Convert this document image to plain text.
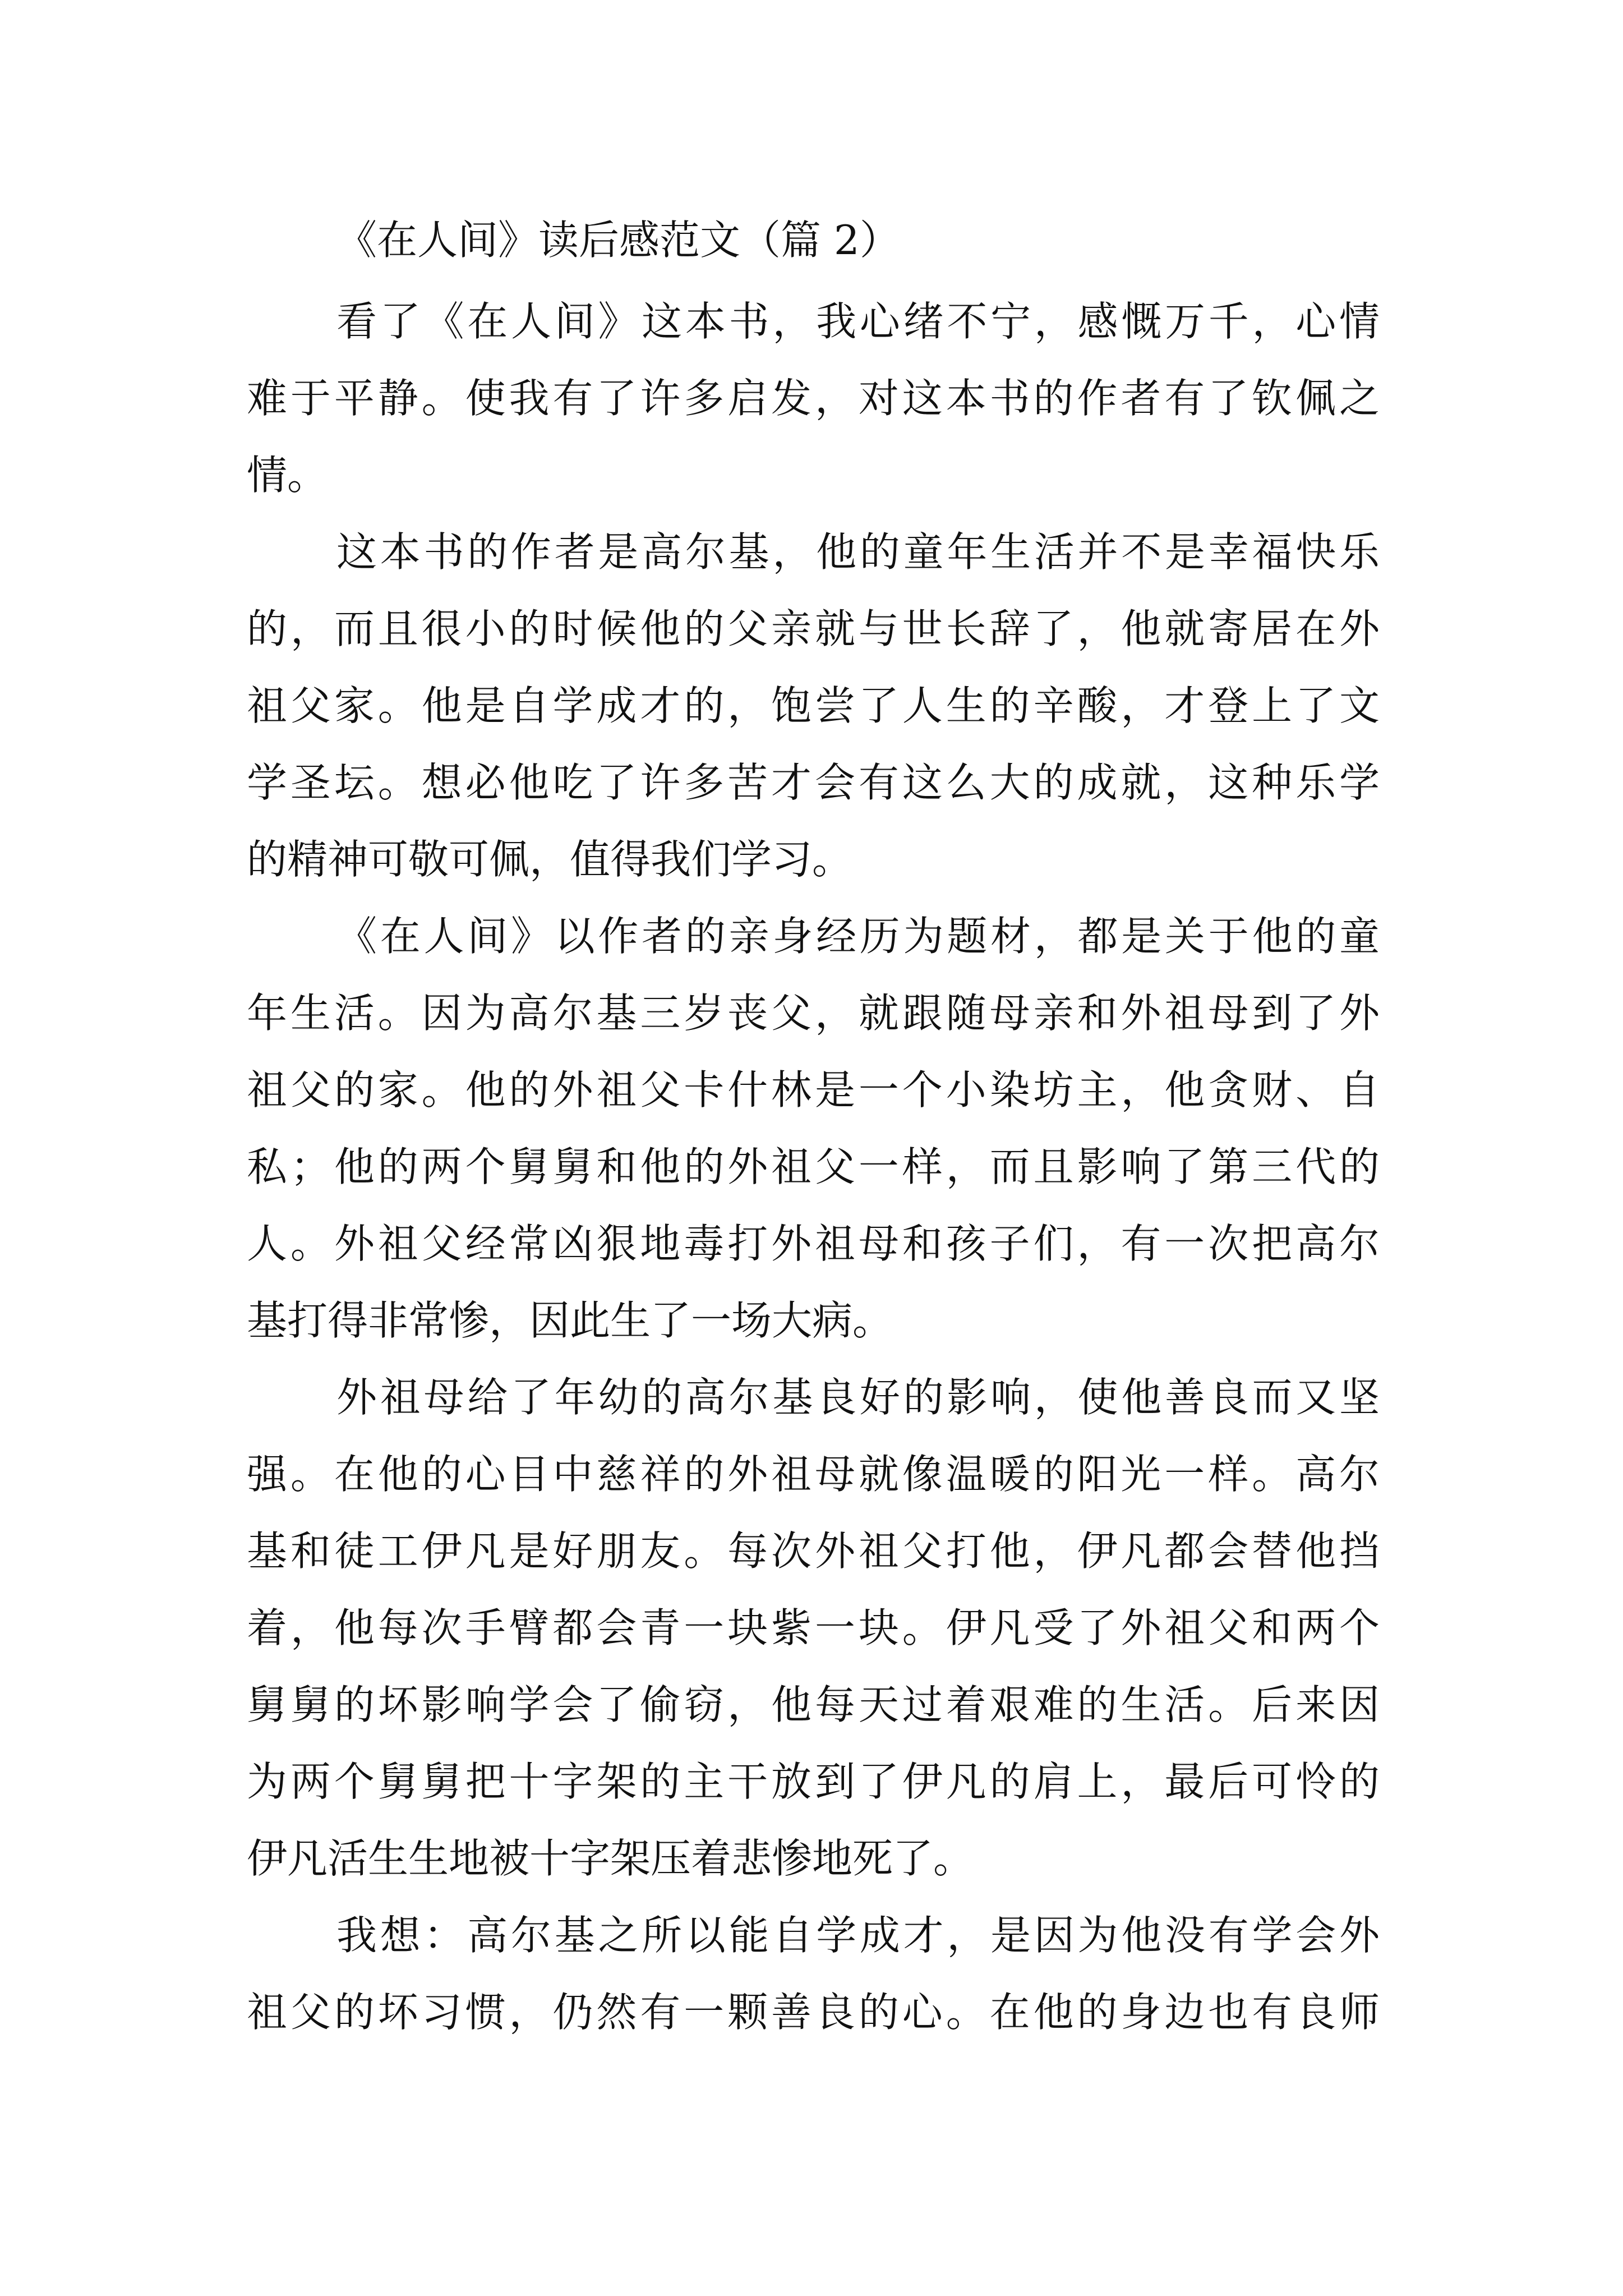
《在人间》读后感范文（篇 2）

看了《在人间》这本书，我心绪不宁，感慨万千，心情

难于平静。使我有了许多启发，对这本书的作者有了钦佩之

情。

这本书的作者是高尔基，他的童年生活并不是幸福快乐

的，而且很小的时候他的父亲就与世长辞了，他就寄居在外

祖父家。他是自学成才的，饱尝了人生的辛酸，才登上了文

学圣坛。想必他吃了许多苦才会有这么大的成就，这种乐学

的精神可敬可佩，值得我们学习。

《在人间》以作者的亲身经历为题材，都是关于他的童

年生活。因为高尔基三岁丧父，就跟随母亲和外祖母到了外

祖父的家。他的外祖父卡什林是一个小染坊主，他贪财、自

私；他的两个舅舅和他的外祖父一样，而且影响了第三代的

人。外祖父经常凶狠地毒打外祖母和孩子们，有一次把高尔

基打得非常惨，因此生了一场大病。

外祖母给了年幼的高尔基良好的影响，使他善良而又坚

强。在他的心目中慈祥的外祖母就像温暖的阳光一样。高尔

基和徒工伊凡是好朋友。每次外祖父打他，伊凡都会替他挡

着，他每次手臂都会青一块紫一块。伊凡受了外祖父和两个

舅舅的坏影响学会了偷窃，他每天过着艰难的生活。后来因

为两个舅舅把十字架的主干放到了伊凡的肩上，最后可怜的

伊凡活生生地被十字架压着悲惨地死了。

我想：高尔基之所以能自学成才，是因为他没有学会外

祖父的坏习惯，仍然有一颗善良的心。在他的身边也有良师
